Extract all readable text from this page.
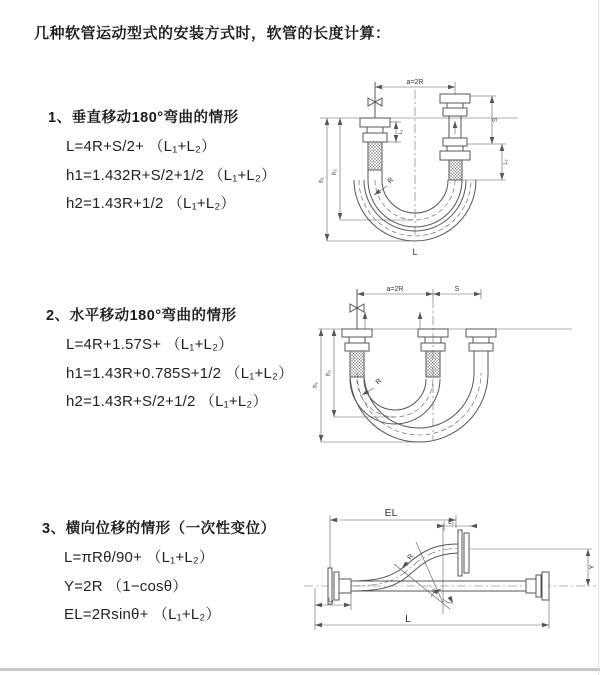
几种软管运动型式的安装方式时，软管的长度计算：
1、垂直移动180°弯曲的情形
L=4R+S/2+ （L₁+L₂）
h1=1.432R+S/2+1/2 （L₁+L₂）
h2=1.43R+1/2 （L₁+L₂）
2、水平移动180°弯曲的情形
L=4R+1.57S+ （L₁+L₂）
h1=1.43R+0.785S+1/2 （L₁+L₂）
h2=1.43R+S/2+1/2 （L₁+L₂）
3、横向位移的情形（一次性变位）
L=πRθ/90+ （L₁+L₂）
Y=2R （1−cosθ）
EL=2Rsinθ+ （L₁+L₂）
a=2R
h₂
h₁
L
S
L₂
L₁
R
a=2R	S
h₂
h₁	R
EL
L₂
Y
R
θ
L₁
L
